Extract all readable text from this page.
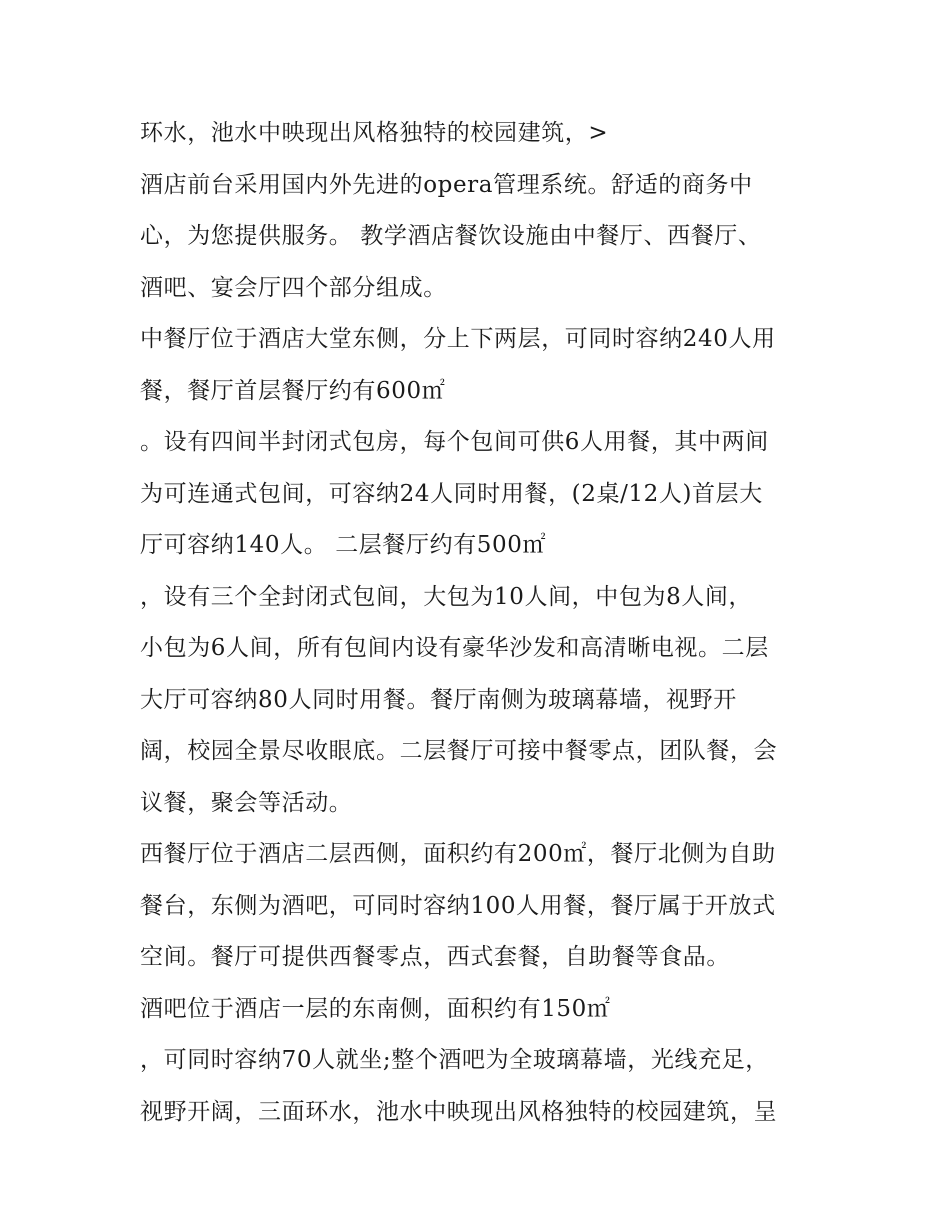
环水，池水中映现出风格独特的校园建筑，>
酒店前台采用国内外先进的opera管理系统。舒适的商务中
心，为您提供服务。 教学酒店餐饮设施由中餐厅、西餐厅、
酒吧、宴会厅四个部分组成。
中餐厅位于酒店大堂东侧，分上下两层，可同时容纳240人用
餐，餐厅首层餐厅约有600㎡
。设有四间半封闭式包房，每个包间可供6人用餐，其中两间
为可连通式包间，可容纳24人同时用餐，(2桌/12人)首层大
厅可容纳140人。 二层餐厅约有500㎡
，设有三个全封闭式包间，大包为10人间，中包为8人间，
小包为6人间，所有包间内设有豪华沙发和高清晰电视。二层
大厅可容纳80人同时用餐。餐厅南侧为玻璃幕墙，视野开
阔，校园全景尽收眼底。二层餐厅可接中餐零点，团队餐，会
议餐，聚会等活动。
西餐厅位于酒店二层西侧，面积约有200㎡，餐厅北侧为自助
餐台，东侧为酒吧，可同时容纳100人用餐，餐厅属于开放式
空间。餐厅可提供西餐零点，西式套餐，自助餐等食品。
酒吧位于酒店一层的东南侧，面积约有150㎡
，可同时容纳70人就坐;整个酒吧为全玻璃幕墙，光线充足，
视野开阔，三面环水，池水中映现出风格独特的校园建筑，呈
